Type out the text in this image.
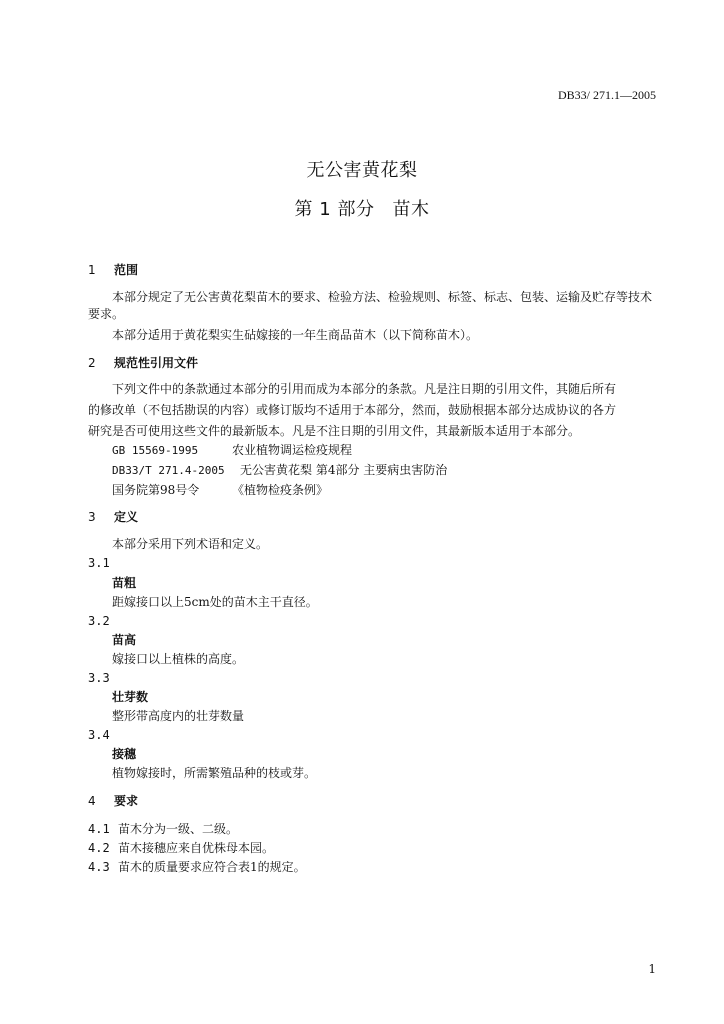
DB33/ 271.1—2005
无公害黄花梨
第 1 部分 苗木
1 范围
本部分规定了无公害黄花梨苗木的要求、检验方法、检验规则、标签、标志、包装、运输及贮存等技术
要求。
本部分适用于黄花梨实生砧嫁接的一年生商品苗木（以下简称苗木）。
2 规范性引用文件
下列文件中的条款通过本部分的引用而成为本部分的条款。凡是注日期的引用文件，其随后所有
的修改单（不包括勘误的内容）或修订版均不适用于本部分，然而，鼓励根据本部分达成协议的各方
研究是否可使用这些文件的最新版本。凡是不注日期的引用文件，其最新版本适用于本部分。
GB 15569-1995	农业植物调运检疫规程
DB33/T 271.4-2005 无公害黄花梨 第4部分 主要病虫害防治
国务院第98号令	《植物检疫条例》
3 定义
本部分采用下列术语和定义。
3.1
苗粗
距嫁接口以上5cm处的苗木主干直径。
3.2
苗高
嫁接口以上植株的高度。
3.3
壮芽数
整形带高度内的壮芽数量
3.4
接穗
植物嫁接时，所需繁殖品种的枝或芽。
4 要求
4.1 苗木分为一级、二级。
4.2 苗木接穗应来自优株母本园。
4.3 苗木的质量要求应符合表1的规定。
1
